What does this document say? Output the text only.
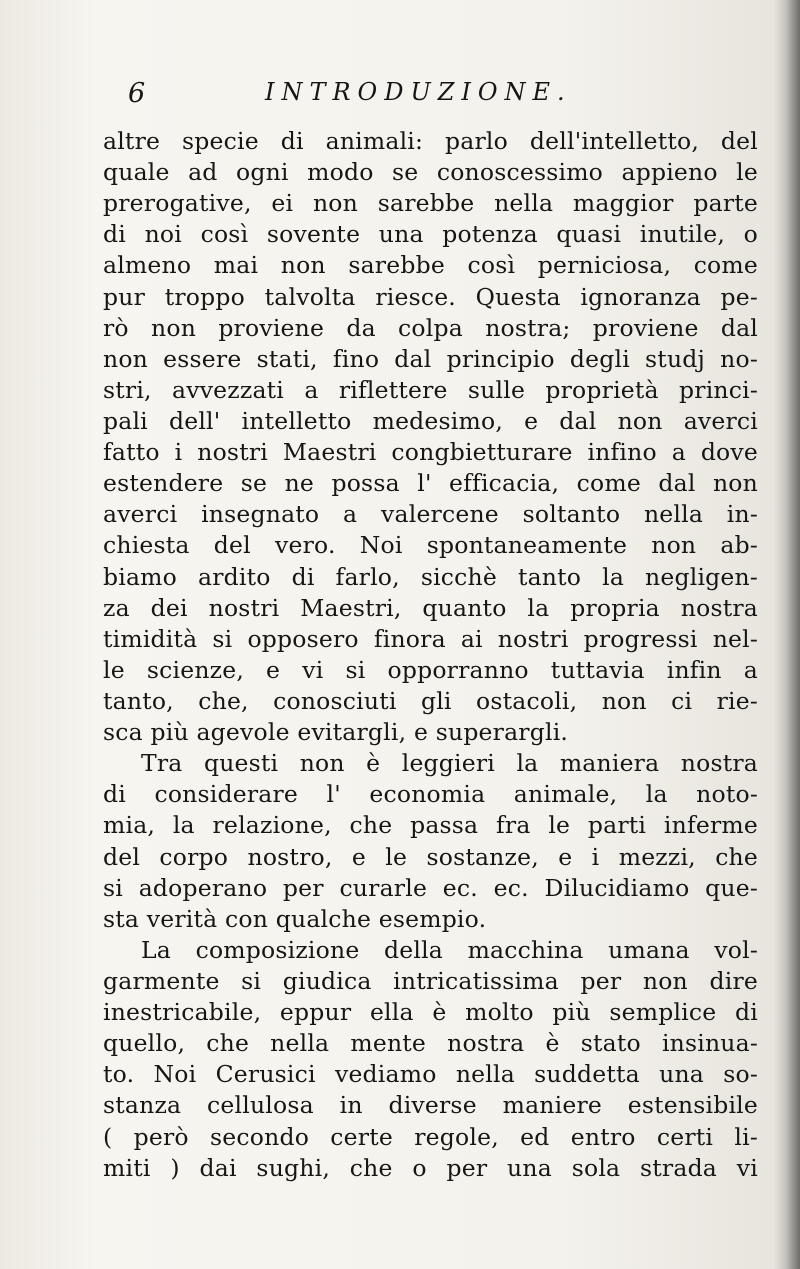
6	INTRODUZIONE.
altre specie di animali: parlo dell'intelletto, del
quale ad ogni modo se conoscessimo appieno le
prerogative, ei non sarebbe nella maggior parte
di noi così sovente una potenza quasi inutile, o
almeno mai non sarebbe così perniciosa, come
pur troppo talvolta riesce. Questa ignoranza pe-
rò non proviene da colpa nostra; proviene dal
non essere stati, fino dal principio degli studj no-
stri, avvezzati a riflettere sulle proprietà princi-
pali dell' intelletto medesimo, e dal non averci
fatto i nostri Maestri congbietturare infino a dove
estendere se ne possa l' efficacia, come dal non
averci insegnato a valercene soltanto nella in-
chiesta del vero. Noi spontaneamente non ab-
biamo ardito di farlo, sicchè tanto la negligen-
za dei nostri Maestri, quanto la propria nostra
timidità si opposero finora ai nostri progressi nel-
le scienze, e vi si opporranno tuttavia infin a
tanto, che, conosciuti gli ostacoli, non ci rie-
sca più agevole evitargli, e superargli.
Tra questi non è leggieri la maniera nostra
di considerare l' economia animale, la noto-
mia, la relazione, che passa fra le parti inferme
del corpo nostro, e le sostanze, e i mezzi, che
si adoperano per curarle ec. ec. Dilucidiamo que-
sta verità con qualche esempio.
La composizione della macchina umana vol-
garmente si giudica intricatissima per non dire
inestricabile, eppur ella è molto più semplice di
quello, che nella mente nostra è stato insinua-
to. Noi Cerusici vediamo nella suddetta una so-
stanza cellulosa in diverse maniere estensibile
( però secondo certe regole, ed entro certi li-
miti ) dai sughi, che o per una sola strada vi
